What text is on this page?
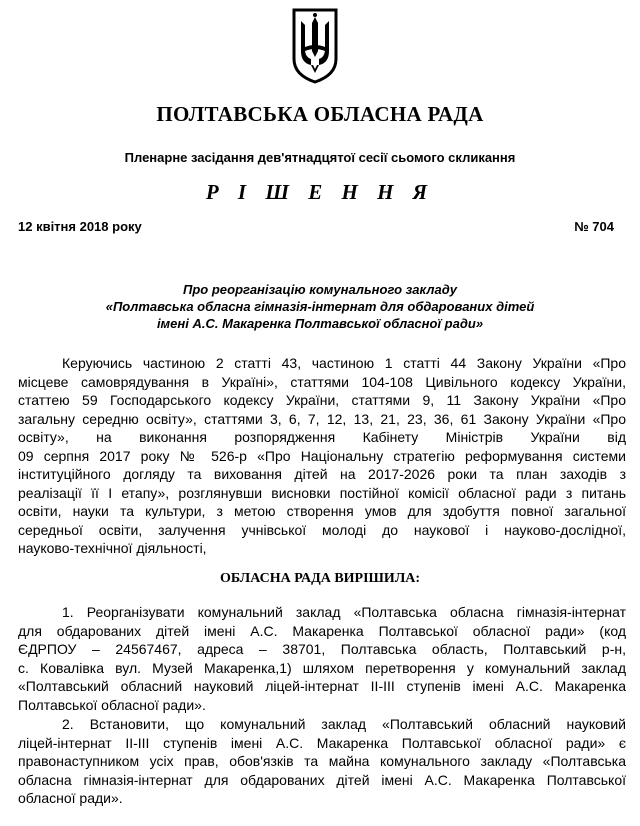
ПОЛТАВСЬКА ОБЛАСНА РАДА
Пленарне засідання дев'ятнадцятої сесії сьомого скликання
Р І Ш Е Н Н Я
12 квітня 2018 року	№ 704
Про реорганізацію комунального закладу
«Полтавська обласна гімназія-інтернат для обдарованих дітей
імені А.С. Макаренка Полтавської обласної ради»
Керуючись частиною 2 статті 43, частиною 1 статті 44 Закону України «Про
місцеве самоврядування в Україні», статтями 104-108 Цивільного кодексу України,
статтею 59 Господарського кодексу України, статтями 9, 11 Закону України «Про
загальну середню освіту», статтями 3, 6, 7, 12, 13, 21, 23, 36, 61 Закону України «Про
освіту», на виконання розпорядження Кабінету Міністрів України від
09 серпня 2017 року № 526-р «Про Національну стратегію реформування системи
інституційного догляду та виховання дітей на 2017-2026 роки та план заходів з
реалізації її І етапу», розглянувши висновки постійної комісії обласної ради з питань
освіти, науки та культури, з метою створення умов для здобуття повної загальної
середньої освіти, залучення учнівської молоді до наукової і науково-дослідної,
науково-технічної діяльності,
ОБЛАСНА РАДА ВИРІШИЛА:
1. Реорганізувати комунальний заклад «Полтавська обласна гімназія-інтернат
для обдарованих дітей імені А.С. Макаренка Полтавської обласної ради» (код
ЄДРПОУ – 24567467, адреса – 38701, Полтавська область, Полтавський р-н,
с. Ковалівка вул. Музей Макаренка,1) шляхом перетворення у комунальний заклад
«Полтавський обласний науковий ліцей-інтернат ІІ-ІІІ ступенів імені А.С. Макаренка
Полтавської обласної ради».
2. Встановити, що комунальний заклад «Полтавський обласний науковий
ліцей-інтернат ІІ-ІІІ ступенів імені А.С. Макаренка Полтавської обласної ради» є
правонаступником усіх прав, обов'язків та майна комунального закладу «Полтавська
обласна гімназія-інтернат для обдарованих дітей імені А.С. Макаренка Полтавської
обласної ради».
